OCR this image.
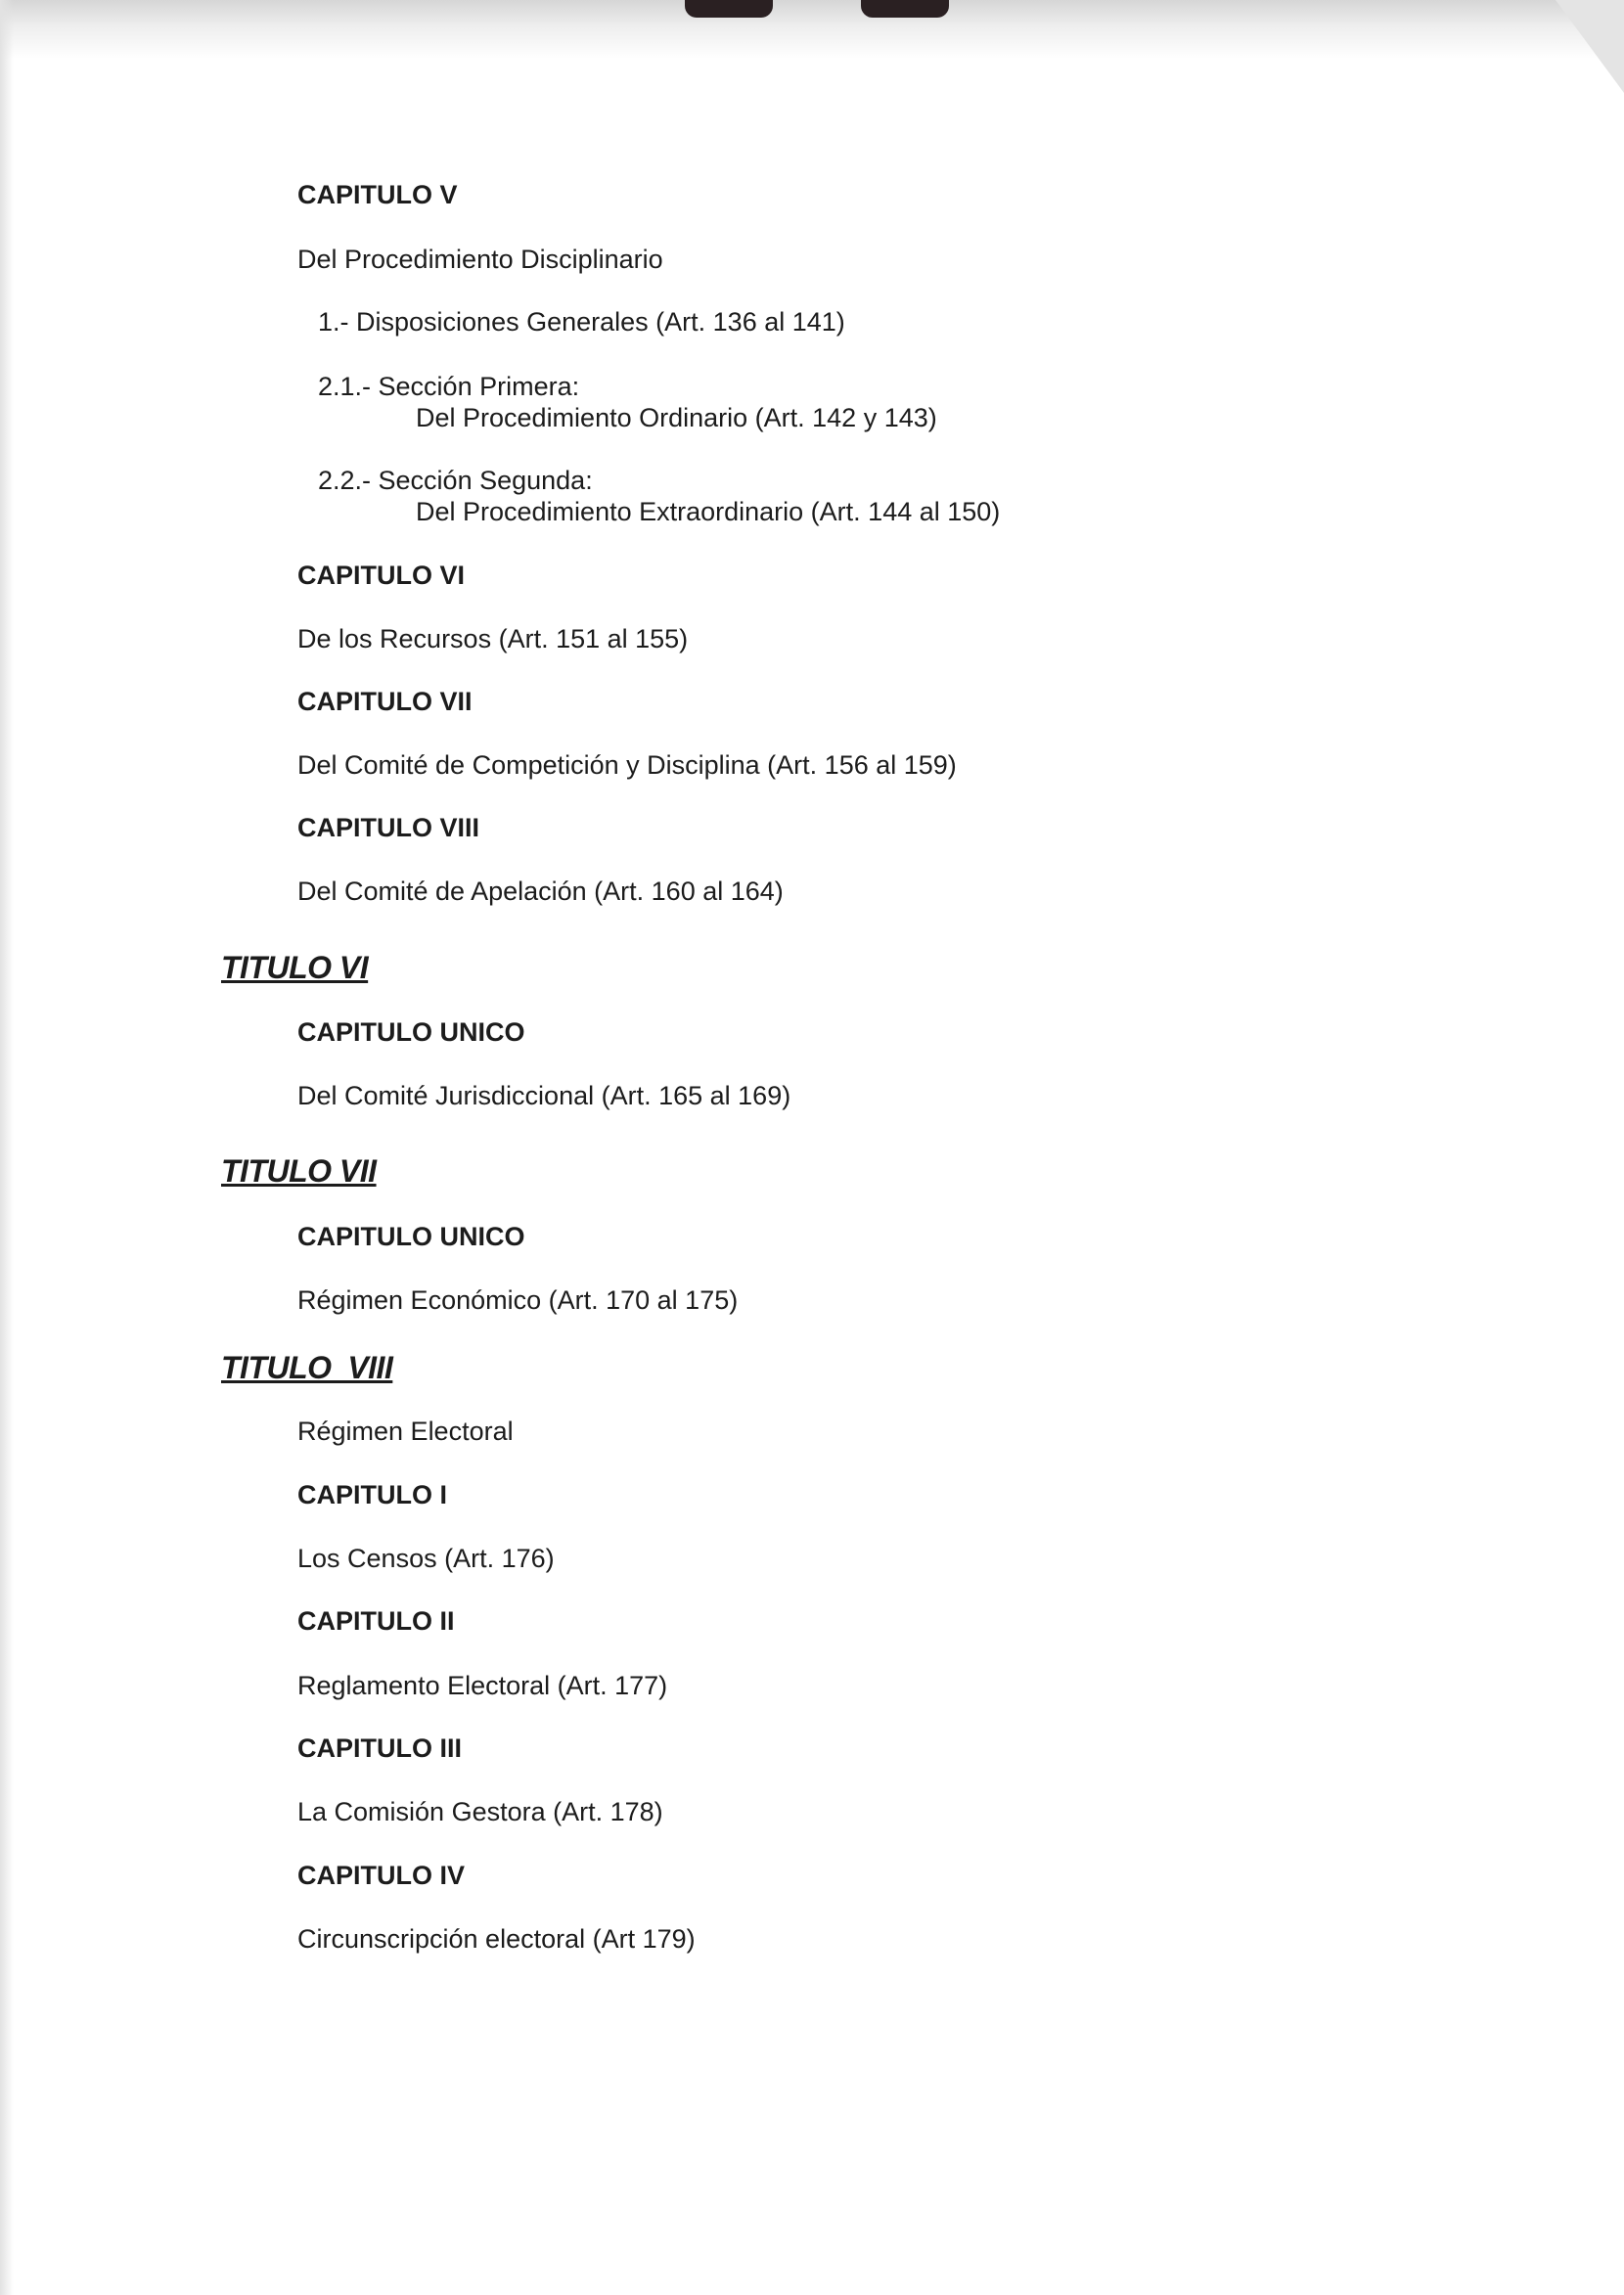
CAPITULO V
Del Procedimiento Disciplinario
1.- Disposiciones Generales (Art. 136 al 141)
2.1.- Sección Primera:
Del Procedimiento Ordinario (Art. 142 y 143)
2.2.- Sección Segunda:
Del Procedimiento Extraordinario (Art. 144 al 150)
CAPITULO VI
De los Recursos (Art. 151 al 155)
CAPITULO VII
Del Comité de Competición y Disciplina (Art. 156 al 159)
CAPITULO VIII
Del Comité de Apelación (Art. 160 al 164)
TITULO VI
CAPITULO UNICO
Del Comité Jurisdiccional (Art. 165 al 169)
TITULO VII
CAPITULO UNICO
Régimen Económico (Art. 170 al 175)
TITULO  VIII
Régimen Electoral
CAPITULO I
Los Censos (Art. 176)
CAPITULO II
Reglamento Electoral (Art. 177)
CAPITULO III
La Comisión Gestora (Art. 178)
CAPITULO IV
Circunscripción electoral (Art 179)
